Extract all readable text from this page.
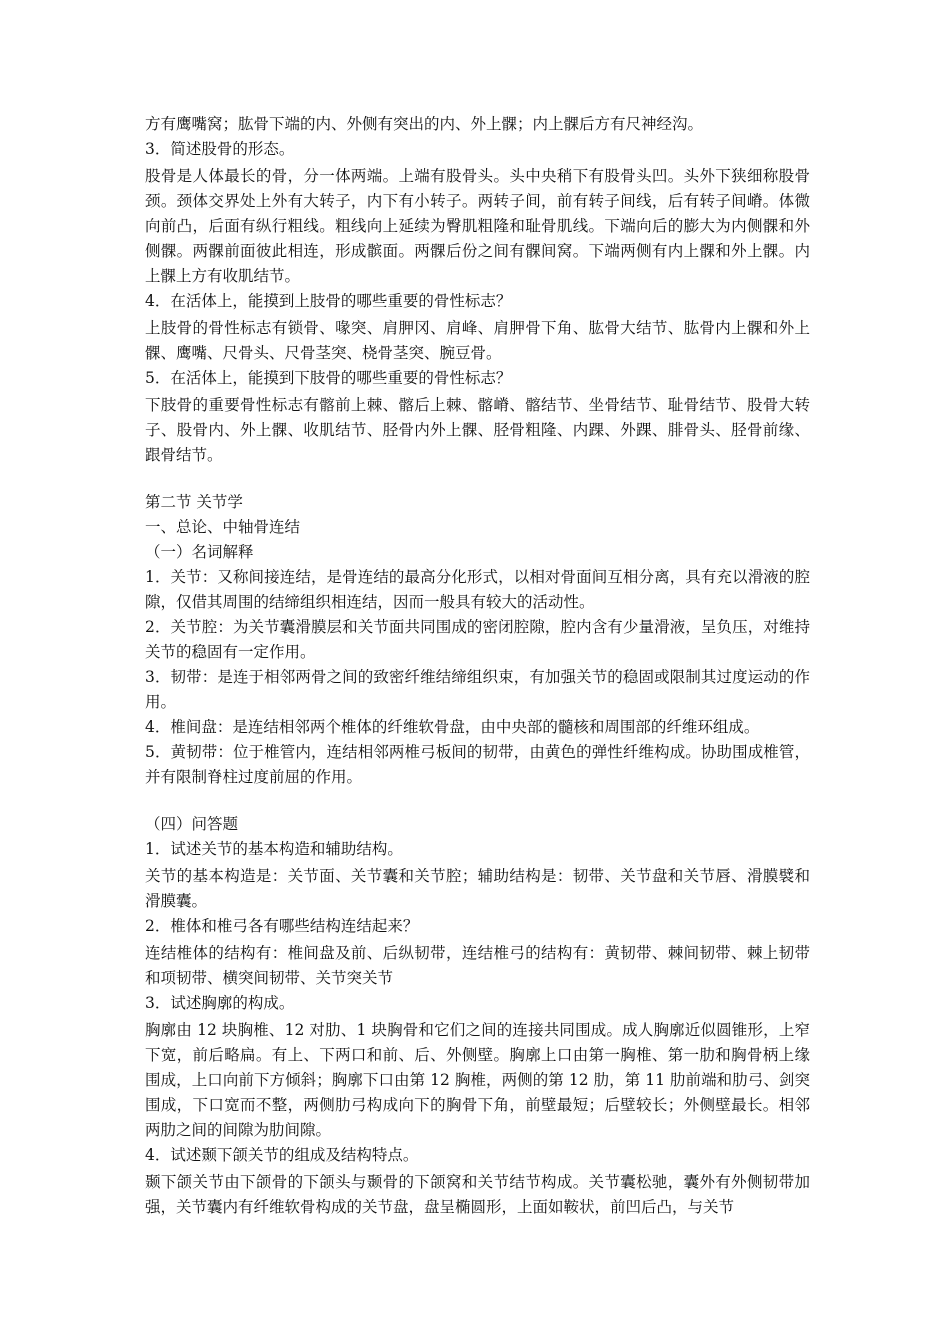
方有鹰嘴窝；肱骨下端的内、外侧有突出的内、外上髁；内上髁后方有尺神经沟。

3．简述股骨的形态。

股骨是人体最长的骨，分一体两端。上端有股骨头。头中央稍下有股骨头凹。头外下狭细称股骨颈。颈体交界处上外有大转子，内下有小转子。两转子间，前有转子间线，后有转子间嵴。体微向前凸，后面有纵行粗线。粗线向上延续为臀肌粗隆和耻骨肌线。下端向后的膨大为内侧髁和外侧髁。两髁前面彼此相连，形成髌面。两髁后份之间有髁间窝。下端两侧有内上髁和外上髁。内上髁上方有收肌结节。

4．在活体上，能摸到上肢骨的哪些重要的骨性标志？

上肢骨的骨性标志有锁骨、喙突、肩胛冈、肩峰、肩胛骨下角、肱骨大结节、肱骨内上髁和外上髁、鹰嘴、尺骨头、尺骨茎突、桡骨茎突、腕豆骨。

5．在活体上，能摸到下肢骨的哪些重要的骨性标志？

下肢骨的重要骨性标志有髂前上棘、髂后上棘、髂嵴、髂结节、坐骨结节、耻骨结节、股骨大转子、股骨内、外上髁、收肌结节、胫骨内外上髁、胫骨粗隆、内踝、外踝、腓骨头、胫骨前缘、跟骨结节。

第二节 关节学

一、总论、中轴骨连结

（一）名词解释

1．关节：又称间接连结，是骨连结的最高分化形式，以相对骨面间互相分离，具有充以滑液的腔隙，仅借其周围的结缔组织相连结，因而一般具有较大的活动性。

2．关节腔：为关节囊滑膜层和关节面共同围成的密闭腔隙，腔内含有少量滑液，呈负压，对维持关节的稳固有一定作用。

3．韧带：是连于相邻两骨之间的致密纤维结缔组织束，有加强关节的稳固或限制其过度运动的作用。

4．椎间盘：是连结相邻两个椎体的纤维软骨盘，由中央部的髓核和周围部的纤维环组成。

5．黄韧带：位于椎管内，连结相邻两椎弓板间的韧带，由黄色的弹性纤维构成。协助围成椎管，并有限制脊柱过度前屈的作用。

（四）问答题

1．试述关节的基本构造和辅助结构。

关节的基本构造是：关节面、关节囊和关节腔；辅助结构是：韧带、关节盘和关节唇、滑膜襞和滑膜囊。

2．椎体和椎弓各有哪些结构连结起来？

连结椎体的结构有：椎间盘及前、后纵韧带，连结椎弓的结构有：黄韧带、棘间韧带、棘上韧带和项韧带、横突间韧带、关节突关节

3．试述胸廓的构成。

胸廓由 12 块胸椎、12 对肋、1 块胸骨和它们之间的连接共同围成。成人胸廓近似圆锥形，上窄下宽，前后略扁。有上、下两口和前、后、外侧壁。胸廓上口由第一胸椎、第一肋和胸骨柄上缘围成，上口向前下方倾斜；胸廓下口由第 12 胸椎，两侧的第 12 肋，第 11 肋前端和肋弓、剑突围成，下口宽而不整，两侧肋弓构成向下的胸骨下角，前壁最短；后壁较长；外侧壁最长。相邻两肋之间的间隙为肋间隙。

4．试述颞下颌关节的组成及结构特点。

颞下颌关节由下颌骨的下颌头与颞骨的下颌窝和关节结节构成。关节囊松驰，囊外有外侧韧带加强，关节囊内有纤维软骨构成的关节盘，盘呈椭圆形，上面如鞍状，前凹后凸，与关节
